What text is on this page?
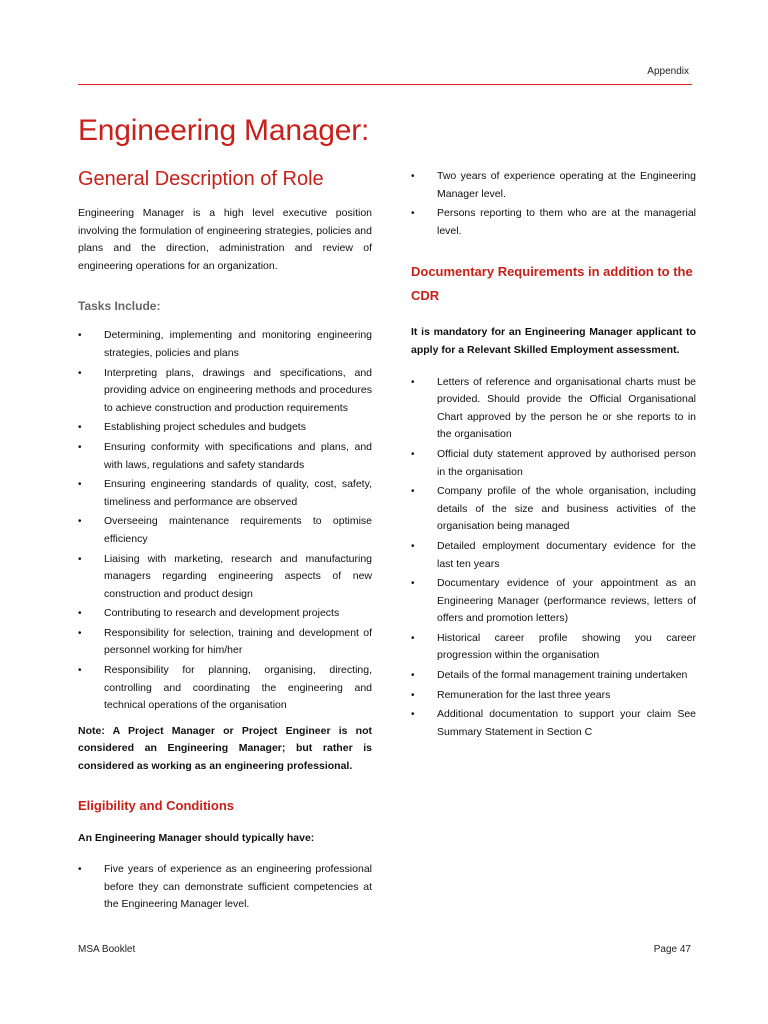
Appendix
Engineering Manager:
General Description of Role

Engineering Manager is a high level executive position involving the formulation of engineering strategies, policies and plans and the direction, administration and review of engineering operations for an organization.

Tasks Include:
• Determining, implementing and monitoring engineering strategies, policies and plans
• Interpreting plans, drawings and specifications, and providing advice on engineering methods and procedures to achieve construction and production requirements
• Establishing project schedules and budgets
• Ensuring conformity with specifications and plans, and with laws, regulations and safety standards
• Ensuring engineering standards of quality, cost, safety, timeliness and performance are observed
• Overseeing maintenance requirements to optimise efficiency
• Liaising with marketing, research and manufacturing managers regarding engineering aspects of new construction and product design
• Contributing to research and development projects
• Responsibility for selection, training and development of personnel working for him/her
• Responsibility for planning, organising, directing, controlling and coordinating the engineering and technical operations of the organisation

Note: A Project Manager or Project Engineer is not considered an Engineering Manager; but rather is considered as working as an engineering professional.

Eligibility and Conditions
An Engineering Manager should typically have:
• Five years of experience as an engineering professional before they can demonstrate sufficient competencies at the Engineering Manager level.
• Two years of experience operating at the Engineering Manager level.
• Persons reporting to them who are at the managerial level.
Documentary Requirements in addition to the CDR
It is mandatory for an Engineering Manager applicant to apply for a Relevant Skilled Employment assessment.
• Letters of reference and organisational charts must be provided. Should provide the Official Organisational Chart approved by the person he or she reports to in the organisation
• Official duty statement approved by authorised person in the organisation
• Company profile of the whole organisation, including details of the size and business activities of the organisation being managed
• Detailed employment documentary evidence for the last ten years
• Documentary evidence of your appointment as an Engineering Manager (performance reviews, letters of offers and promotion letters)
• Historical career profile showing you career progression within the organisation
• Details of the formal management training undertaken
• Remuneration for the last three years
• Additional documentation to support your claim See Summary Statement in Section C
MSA Booklet	Page 47
